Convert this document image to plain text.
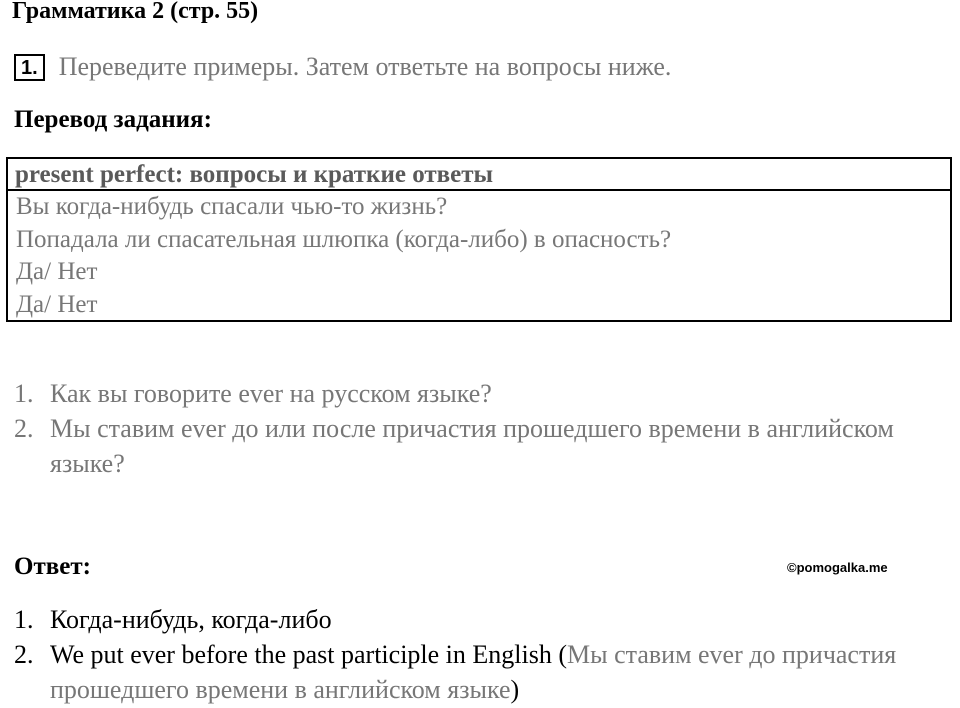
Грамматика 2 (стр. 55)
1. Переведите примеры. Затем ответьте на вопросы ниже.
Перевод задания:
present perfect: вопросы и краткие ответы
Вы когда-нибудь спасали чью-то жизнь?
Попадала ли спасательная шлюпка (когда-либо) в опасность?
Да/ Нет
Да/ Нет
1. Как вы говорите ever на русском языке?
2. Мы ставим ever до или после причастия прошедшего времени в английском языке?
Ответ:	©pomogalka.me
1. Когда-нибудь, когда-либо
2. We put ever before the past participle in English (Мы ставим ever до причастия прошедшего времени в английском языке)
